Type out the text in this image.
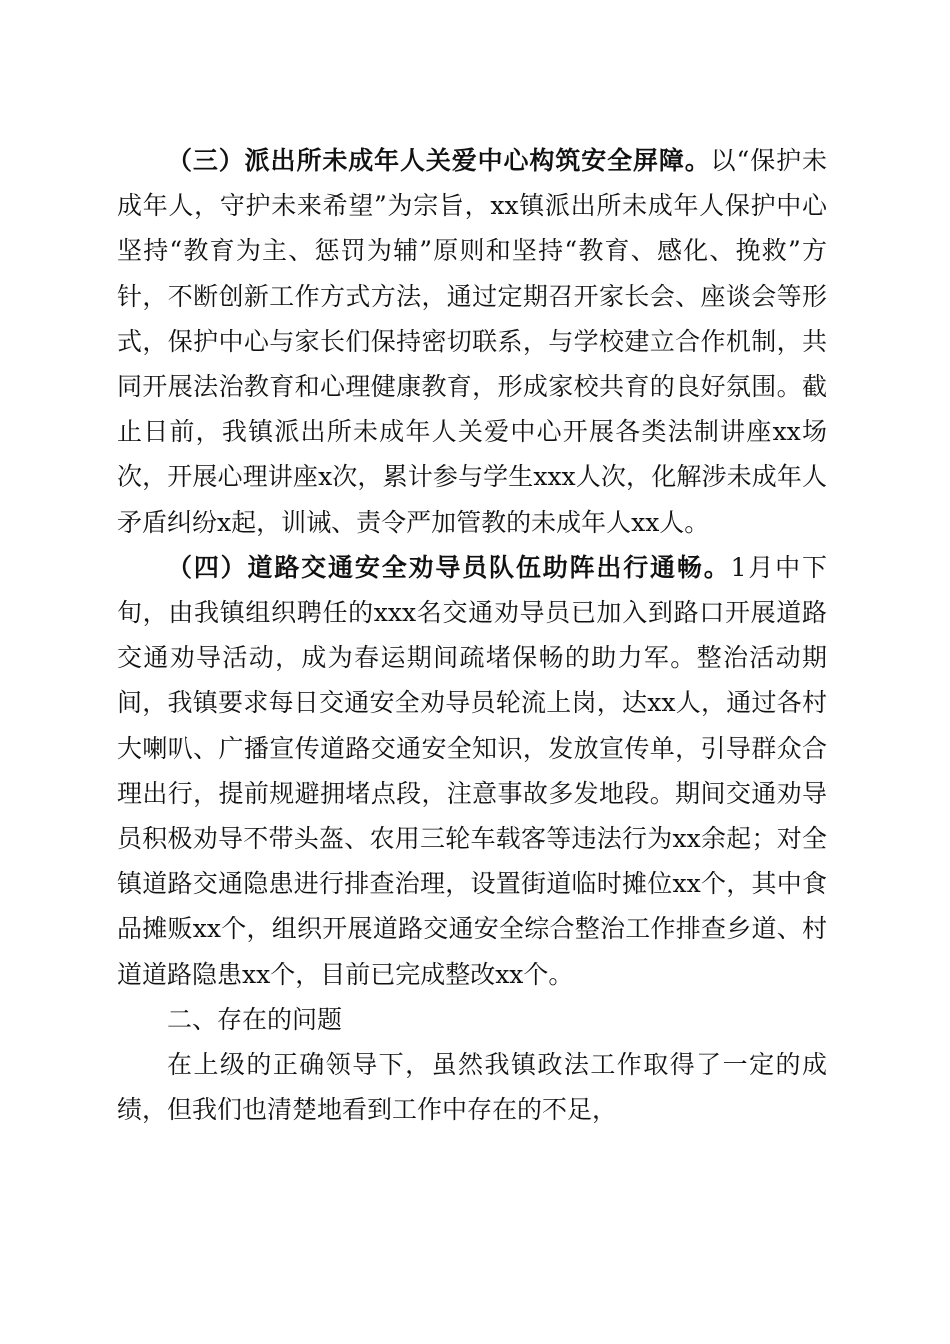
（三）派出所未成年人关爱中心构筑安全屏障。以“保护未成年人，守护未来希望”为宗旨，xx镇派出所未成年人保护中心坚持“教育为主、惩罚为辅”原则和坚持“教育、感化、挽救”方针，不断创新工作方式方法，通过定期召开家长会、座谈会等形式，保护中心与家长们保持密切联系，与学校建立合作机制，共同开展法治教育和心理健康教育，形成家校共育的良好氛围。截止日前，我镇派出所未成年人关爱中心开展各类法制讲座xx场次，开展心理讲座x次，累计参与学生xxx人次，化解涉未成年人矛盾纠纷x起，训诫、责令严加管教的未成年人xx人。

（四）道路交通安全劝导员队伍助阵出行通畅。1月中下旬，由我镇组织聘任的xxx名交通劝导员已加入到路口开展道路交通劝导活动，成为春运期间疏堵保畅的助力军。整治活动期间，我镇要求每日交通安全劝导员轮流上岗，达xx人，通过各村大喇叭、广播宣传道路交通安全知识，发放宣传单，引导群众合理出行，提前规避拥堵点段，注意事故多发地段。期间交通劝导员积极劝导不带头盔、农用三轮车载客等违法行为xx余起；对全镇道路交通隐患进行排查治理，设置街道临时摊位xx个，其中食品摊贩xx个，组织开展道路交通安全综合整治工作排查乡道、村道道路隐患xx个，目前已完成整改xx个。

二、存在的问题

在上级的正确领导下，虽然我镇政法工作取得了一定的成绩，但我们也清楚地看到工作中存在的不足，
